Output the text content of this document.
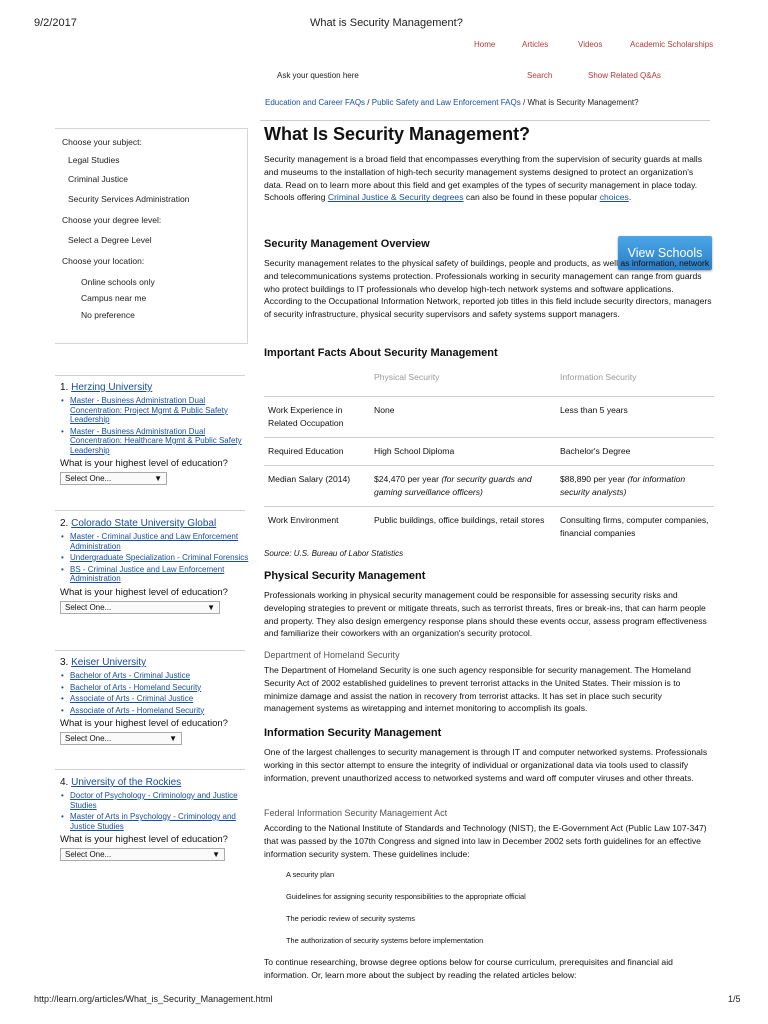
9/2/2017	What is Security Management?
Home	Articles	Videos	Academic Scholarships
Ask your question here	Search	Show Related Q&As
Education and Career FAQs / Public Safety and Law Enforcement FAQs / What is Security Management?
Choose your subject:
Legal Studies
Criminal Justice
Security Services Administration
Choose your degree level:
Select a Degree Level
Choose your location:
Online schools only
Campus near me
No preference
1. Herzing University
• Master - Business Administration Dual Concentration: Project Mgmt & Public Safety Leadership
• Master - Business Administration Dual Concentration: Healthcare Mgmt & Public Safety Leadership
What is your highest level of education?
Select One...	▼
2. Colorado State University Global
• Master - Criminal Justice and Law Enforcement Administration
• Undergraduate Specialization - Criminal Forensics
• BS - Criminal Justice and Law Enforcement Administration
What is your highest level of education?
Select One...	▼
3. Keiser University
• Bachelor of Arts - Criminal Justice
• Bachelor of Arts - Homeland Security
• Associate of Arts - Criminal Justice
• Associate of Arts - Homeland Security
What is your highest level of education?
Select One...	▼
4. University of the Rockies
• Doctor of Psychology - Criminology and Justice Studies
• Master of Arts in Psychology - Criminology and Justice Studies
What is your highest level of education?
Select One...	▼
What Is Security Management?
Security management is a broad field that encompasses everything from the supervision of security guards at malls and museums to the installation of high-tech security management systems designed to protect an organization's data. Read on to learn more about this field and get examples of the types of security management in place today. Schools offering Criminal Justice & Security degrees can also be found in these popular choices.
Security Management Overview
View Schools
Security management relates to the physical safety of buildings, people and products, as well as information, network and telecommunications systems protection. Professionals working in security management can range from guards who protect buildings to IT professionals who develop high-tech network systems and software applications. According to the Occupational Information Network, reported job titles in this field include security directors, managers of security infrastructure, physical security supervisors and safety systems support managers.
Important Facts About Security Management
	Physical Security	Information Security
Work Experience in Related Occupation	None	Less than 5 years
Required Education	High School Diploma	Bachelor's Degree
Median Salary (2014)	$24,470 per year (for security guards and gaming surveillance officers)	$88,890 per year (for information security analysts)
Work Environment	Public buildings, office buildings, retail stores	Consulting firms, computer companies, financial companies
Source: U.S. Bureau of Labor Statistics
Physical Security Management
Professionals working in physical security management could be responsible for assessing security risks and developing strategies to prevent or mitigate threats, such as terrorist threats, fires or break-ins, that can harm people and property. They also design emergency response plans should these events occur, assess program effectiveness and familiarize their coworkers with an organization's security protocol.
Department of Homeland Security
The Department of Homeland Security is one such agency responsible for security management. The Homeland Security Act of 2002 established guidelines to prevent terrorist attacks in the United States. Their mission is to minimize damage and assist the nation in recovery from terrorist attacks. It has set in place such security management systems as wiretapping and internet monitoring to accomplish its goals.
Information Security Management
One of the largest challenges to security management is through IT and computer networked systems. Professionals working in this sector attempt to ensure the integrity of individual or organizational data via tools used to classify information, prevent unauthorized access to networked systems and ward off computer viruses and other threats.
Federal Information Security Management Act
According to the National Institute of Standards and Technology (NIST), the E-Government Act (Public Law 107-347) that was passed by the 107th Congress and signed into law in December 2002 sets forth guidelines for an effective information security system. These guidelines include:
A security plan
Guidelines for assigning security responsibilities to the appropriate official
The periodic review of security systems
The authorization of security systems before implementation
To continue researching, browse degree options below for course curriculum, prerequisites and financial aid information. Or, learn more about the subject by reading the related articles below:
http://learn.org/articles/What_is_Security_Management.html	1/5
